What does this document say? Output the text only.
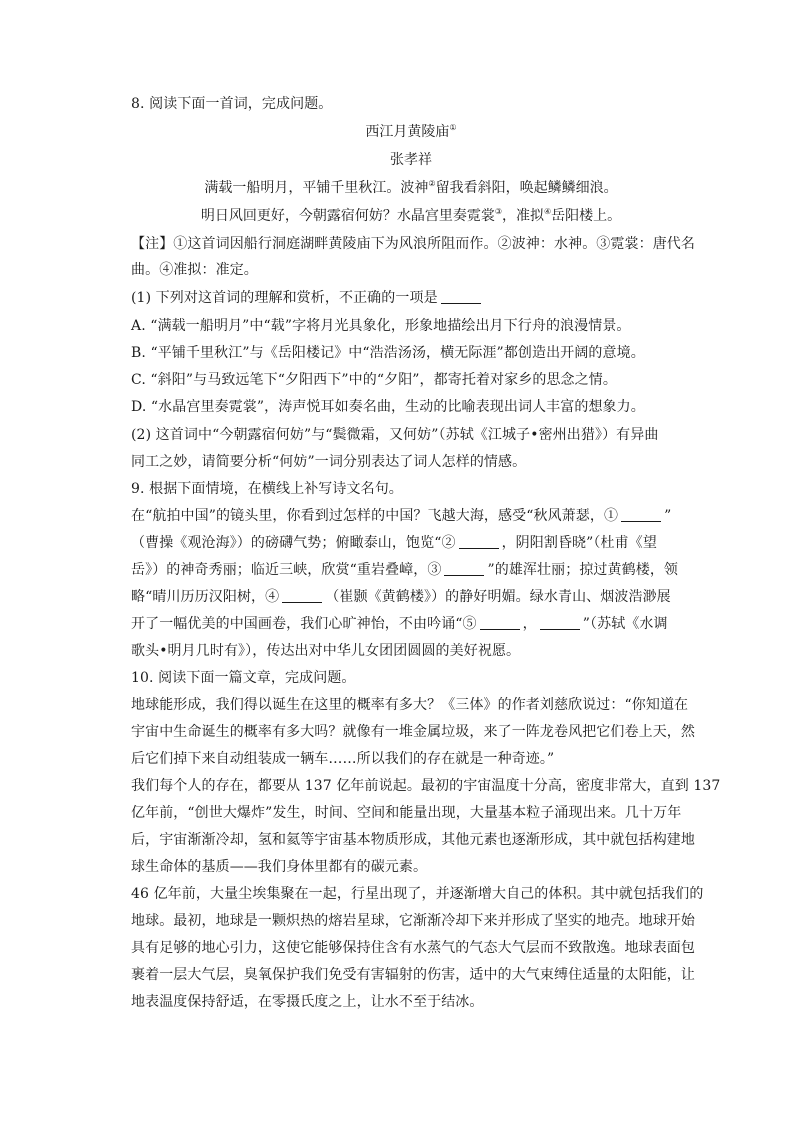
8. 阅读下面一首词，完成问题。
西江月黄陵庙①
张孝祥
满载一船明月，平铺千里秋江。波神②留我看斜阳，唤起鳞鳞细浪。
明日风回更好，今朝露宿何妨？水晶宫里奏霓裳③，准拟④岳阳楼上。
【注】①这首词因船行洞庭湖畔黄陵庙下为风浪所阻而作。②波神：水神。③霓裳：唐代名
曲。④准拟：准定。
(1) 下列对这首词的理解和赏析，不正确的一项是
A. “满载一船明月”中“载”字将月光具象化，形象地描绘出月下行舟的浪漫情景。
B. “平铺千里秋江”与《岳阳楼记》中“浩浩汤汤，横无际涯”都创造出开阔的意境。
C. “斜阳”与马致远笔下“夕阳西下”中的“夕阳”，都寄托着对家乡的思念之情。
D. “水晶宫里奏霓裳”，涛声悦耳如奏名曲，生动的比喻表现出词人丰富的想象力。
(2) 这首词中“今朝露宿何妨”与“鬓微霜，又何妨”（苏轼《江城子•密州出猎》）有异曲
同工之妙，请简要分析“何妨”一词分别表达了词人怎样的情感。
9. 根据下面情境，在横线上补写诗文名句。
在“航拍中国”的镜头里，你看到过怎样的中国？飞越大海，感受“秋风萧瑟，①	”
（曹操《观沧海》）的磅礴气势；俯瞰泰山，饱览“②	，阴阳割昏晓”（杜甫《望
岳》）的神奇秀丽；临近三峡，欣赏“重岩叠嶂，③	”的雄浑壮丽；掠过黄鹤楼，领
略“晴川历历汉阳树，④	（崔颢《黄鹤楼》）的静好明媚。绿水青山、烟波浩渺展
开了一幅优美的中国画卷，我们心旷神怡，不由吟诵“⑤	，	”（苏轼《水调
歌头•明月几时有》），传达出对中华儿女团团圆圆的美好祝愿。
10. 阅读下面一篇文章，完成问题。
地球能形成，我们得以诞生在这里的概率有多大？《三体》的作者刘慈欣说过：“你知道在
宇宙中生命诞生的概率有多大吗？就像有一堆金属垃圾，来了一阵龙卷风把它们卷上天，然
后它们掉下来自动组装成一辆车……所以我们的存在就是一种奇迹。”
我们每个人的存在，都要从 137 亿年前说起。最初的宇宙温度十分高，密度非常大，直到 137
亿年前，“创世大爆炸”发生，时间、空间和能量出现，大量基本粒子涌现出来。几十万年
后，宇宙渐渐冷却，氢和氦等宇宙基本物质形成，其他元素也逐渐形成，其中就包括构建地
球生命体的基质——我们身体里都有的碳元素。
46 亿年前，大量尘埃集聚在一起，行星出现了，并逐渐增大自己的体积。其中就包括我们的
地球。最初，地球是一颗炽热的熔岩星球，它渐渐冷却下来并形成了坚实的地壳。地球开始
具有足够的地心引力，这使它能够保持住含有水蒸气的气态大气层而不致散逸。地球表面包
裹着一层大气层，臭氧保护我们免受有害辐射的伤害，适中的大气束缚住适量的太阳能，让
地表温度保持舒适，在零摄氏度之上，让水不至于结冰。
